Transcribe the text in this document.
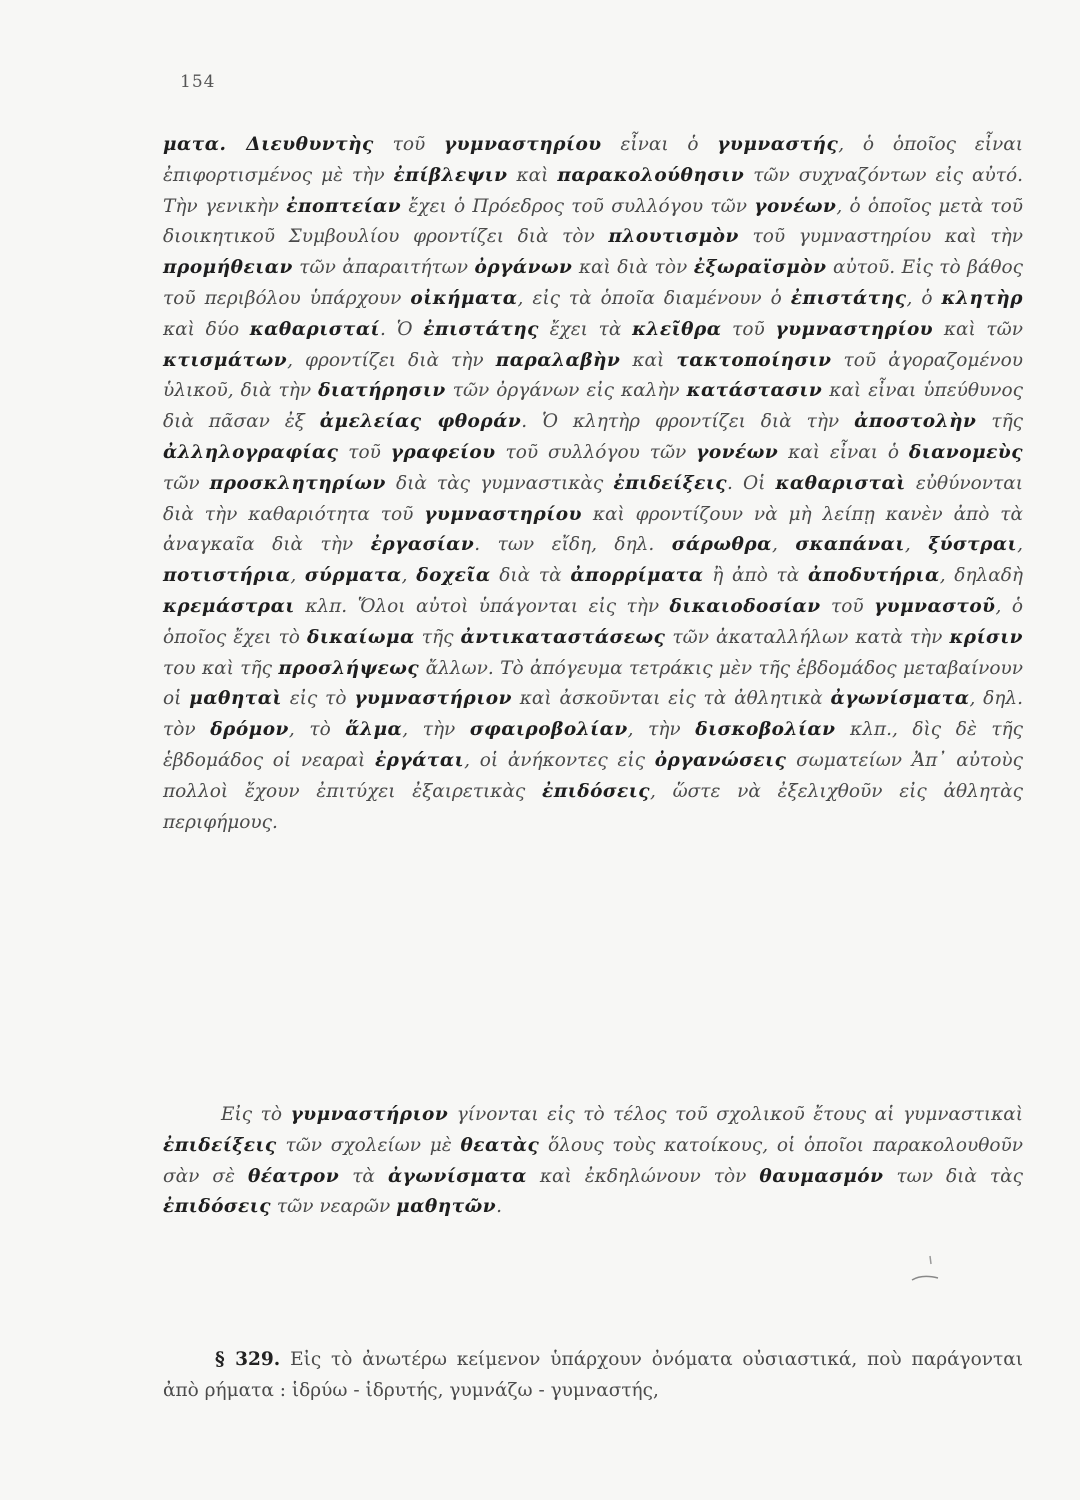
154

ματα. Διευθυντὴς τοῦ γυμναστηρίου εἶναι ὁ γυμναστής, ὁ ὁποῖος εἶναι ἐπιφορτισμένος μὲ τὴν ἐπίβλεψιν καὶ παρακολούθησιν τῶν συχναζόντων εἰς αὐτό. Τὴν γενικὴν ἐποπτείαν ἔχει ὁ Πρόεδρος τοῦ συλλόγου τῶν γονέων, ὁ ὁποῖος μετὰ τοῦ διοικητικοῦ Συμβουλίου φροντίζει διὰ τὸν πλουτισμὸν τοῦ γυμναστηρίου καὶ τὴν προμήθειαν τῶν ἀπαραιτήτων ὀργάνων καὶ διὰ τὸν ἐξωραϊσμὸν αὐτοῦ. Εἰς τὸ βάθος τοῦ περιβόλου ὑπάρχουν οἰκήματα, εἰς τὰ ὁποῖα διαμένουν ὁ ἐπιστάτης, ὁ κλητὴρ καὶ δύο καθαρισταί. Ὁ ἐπιστάτης ἔχει τὰ κλεῖθρα τοῦ γυμναστηρίου καὶ τῶν κτισμάτων, φροντίζει διὰ τὴν παραλαβὴν καὶ τακτοποίησιν τοῦ ἀγοραζομένου ὑλικοῦ, διὰ τὴν διατήρησιν τῶν ὀργάνων εἰς καλὴν κατάστασιν καὶ εἶναι ὑπεύθυνος διὰ πᾶσαν ἐξ ἀμελείας φθοράν. Ὁ κλητὴρ φροντίζει διὰ τὴν ἀποστολὴν τῆς ἀλληλογραφίας τοῦ γραφείου τοῦ συλλόγου τῶν γονέων καὶ εἶναι ὁ διανομεὺς τῶν προσκλητηρίων διὰ τὰς γυμναστικὰς ἐπιδείξεις. Οἱ καθαρισταὶ εὐθύνονται διὰ τὴν καθαριότητα τοῦ γυμναστηρίου καὶ φροντίζουν νὰ μὴ λείπῃ κανὲν ἀπὸ τὰ ἀναγκαῖα διὰ τὴν ἐργασίαν. των εἴδη, δηλ. σάρωθρα, σκαπάναι, ξύστραι, ποτιστήρια, σύρματα, δοχεῖα διὰ τὰ ἀπορρίματα ἢ ἀπὸ τὰ ἀποδυτήρια, δηλαδὴ κρεμάστραι κλπ. Ὅλοι αὐτοὶ ὑπάγονται εἰς τὴν δικαιοδοσίαν τοῦ γυμναστοῦ, ὁ ὁποῖος ἔχει τὸ δικαίωμα τῆς ἀντικαταστάσεως τῶν ἀκαταλλήλων κατὰ τὴν κρίσιν του καὶ τῆς προσλήψεως ἄλλων. Τὸ ἀπόγευμα τετράκις μὲν τῆς ἑβδομάδος μεταβαίνουν οἱ μαθηταὶ εἰς τὸ γυμναστήριον καὶ ἀσκοῦνται εἰς τὰ ἀθλητικὰ ἀγωνίσματα, δηλ. τὸν δρόμον, τὸ ἅλμα, τὴν σφαιροβολίαν, τὴν δισκοβολίαν κλπ., δὶς δὲ τῆς ἑβδομάδος οἱ νεαραὶ ἐργάται, οἱ ἀνήκοντες εἰς ὀργανώσεις σωματείων Ἀπ᾽ αὐτοὺς πολλοὶ ἔχουν ἐπιτύχει ἐξαιρετικὰς ἐπιδόσεις, ὥστε νὰ ἐξελιχθοῦν εἰς ἀθλητὰς περιφήμους.

Εἰς τὸ γυμναστήριον γίνονται εἰς τὸ τέλος τοῦ σχολικοῦ ἔτους αἱ γυμναστικαὶ ἐπιδείξεις τῶν σχολείων μὲ θεατὰς ὅλους τοὺς κατοίκους, οἱ ὁποῖοι παρακολουθοῦν σὰν σὲ θέατρον τὰ ἀγωνίσματα καὶ ἐκδηλώνουν τὸν θαυμασμόν των διὰ τὰς ἐπιδόσεις τῶν νεαρῶν μαθητῶν.

§ 329. Εἰς τὸ ἀνωτέρω κείμενον ὑπάρχουν ὀνόματα οὐσιαστικά, ποὺ παράγονται ἀπὸ ρήματα : ἱδρύω - ἱδρυτής, γυμνάζω - γυμναστής,
